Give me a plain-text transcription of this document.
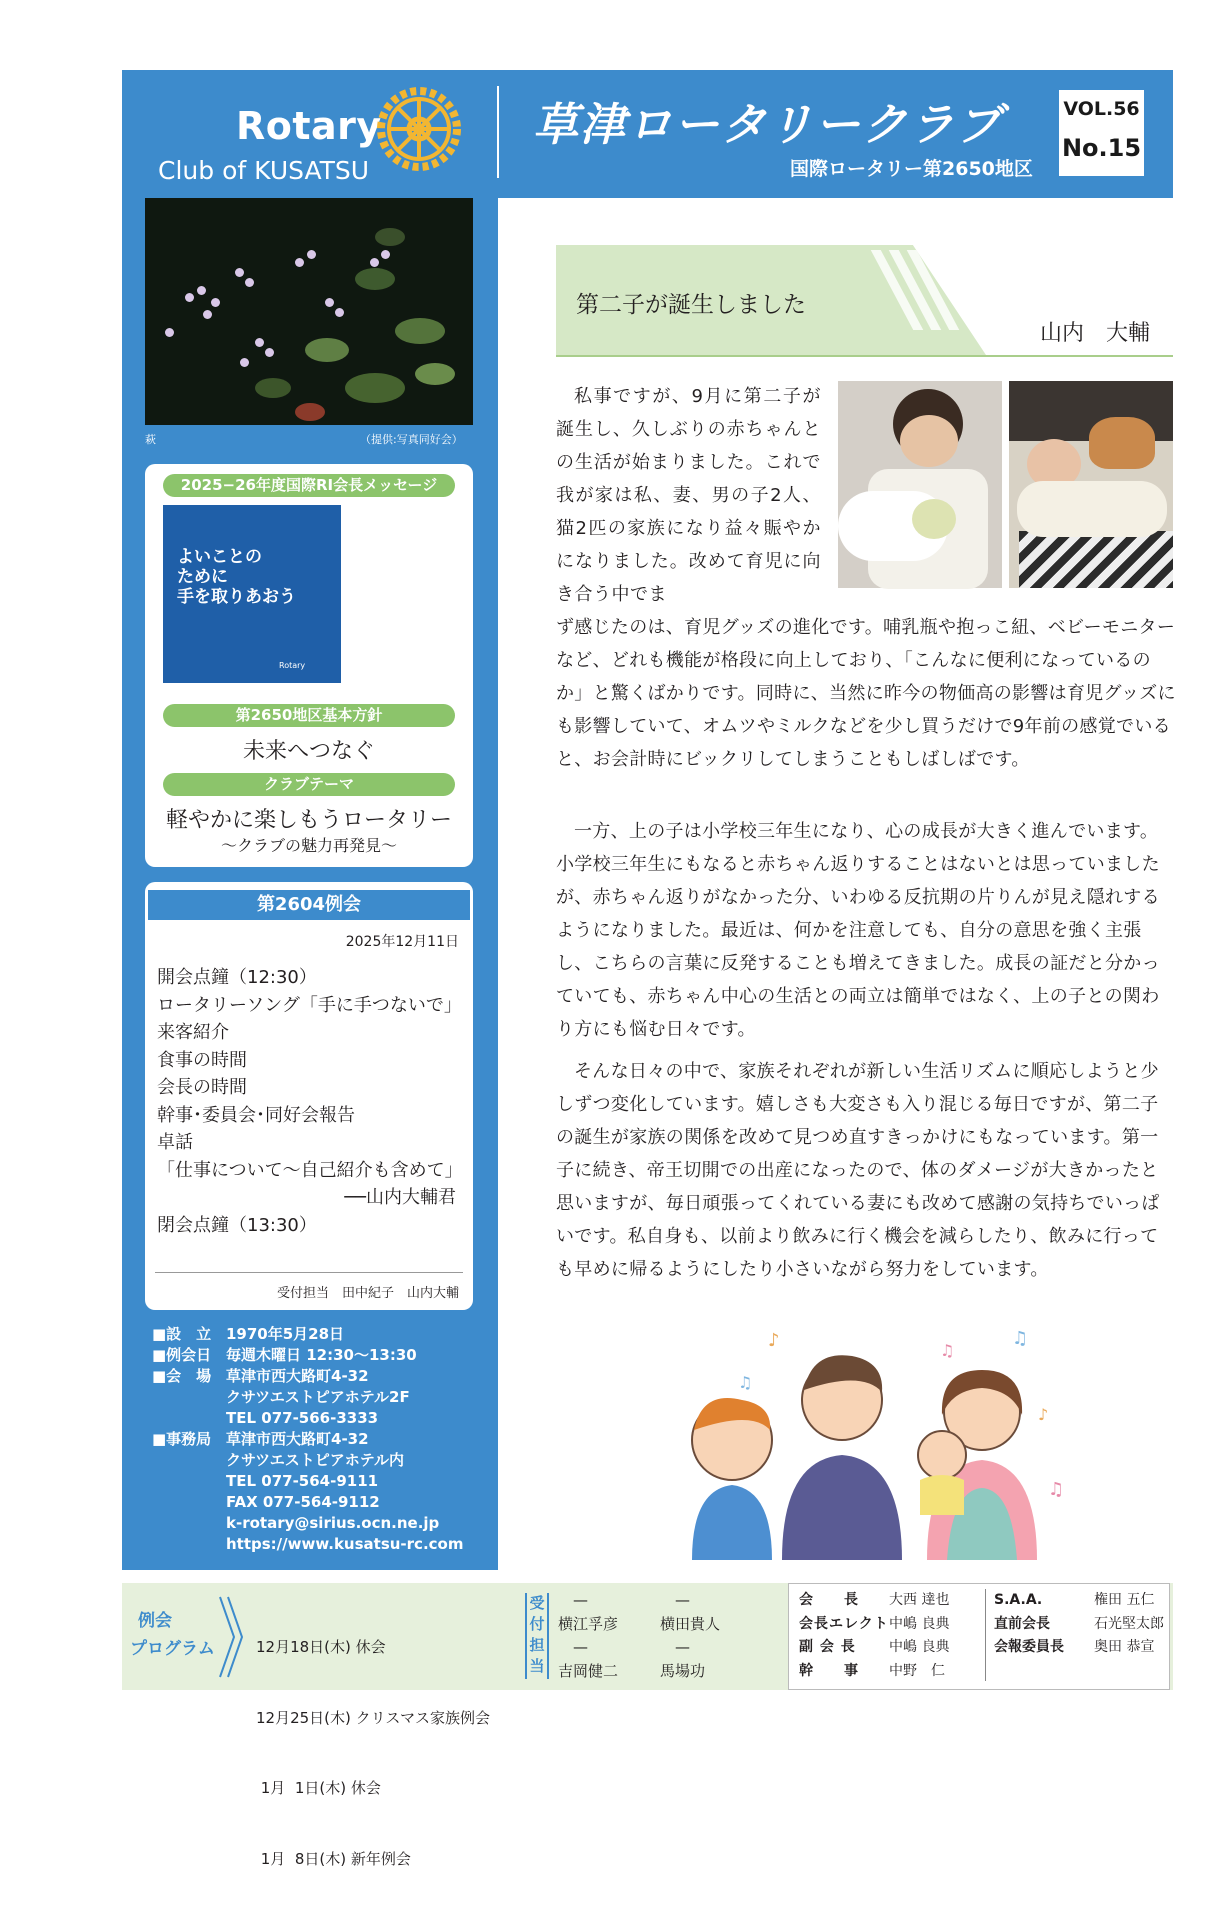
Rotary
Club of KUSATSU
草津ロータリークラブ
国際ロータリー第2650地区
VOL.56
No.15
萩	（提供:写真同好会）
2025−26年度国際RI会長メッセージ
第2650地区基本方針
未来へつなぐ
クラブテーマ
軽やかに楽しもうロータリー
〜クラブの魅力再発見〜
よいことの
ために
手を取りあおう
Rotary
第2604例会
2025年12月11日
開会点鐘（12:30）
ロータリーソング「手に手つないで」
来客紹介
食事の時間
会長の時間
幹事･委員会･同好会報告
卓話
「仕事について〜自己紹介も含めて」
──山内大輔君
閉会点鐘（13:30）
受付担当　田中紀子　山内大輔
■設　立 1970年5月28日
■例会日 毎週木曜日 12:30〜13:30
■会　場 草津市西大路町4-32
クサツエストピアホテル2F
TEL 077-566-3333
■事務局 草津市西大路町4-32
クサツエストピアホテル内
TEL 077-564-9111
FAX 077-564-9112
k-rotary@sirius.ocn.ne.jp
https://www.kusatsu-rc.com
第二子が誕生しました
山内　大輔
私事ですが、9月に第二子が誕生し、久しぶりの赤ちゃんとの生活が始まりました。これで我が家は私、妻、男の子2人、猫2匹の家族になり益々賑やかになりました。改めて育児に向き合う中でま
ず感じたのは、育児グッズの進化です。哺乳瓶や抱っこ紐、ベビーモニターなど、どれも機能が格段に向上しており、「こんなに便利になっているのか」と驚くばかりです。同時に、当然に昨今の物価高の影響は育児グッズにも影響していて、オムツやミルクなどを少し買うだけで9年前の感覚でいると、お会計時にビックリしてしまうこともしばしばです。
一方、上の子は小学校三年生になり、心の成長が大きく進んでいます。小学校三年生にもなると赤ちゃん返りすることはないとは思っていましたが、赤ちゃん返りがなかった分、いわゆる反抗期の片りんが見え隠れするようになりました。最近は、何かを注意しても、自分の意思を強く主張し、こちらの言葉に反発することも増えてきました。成長の証だと分かっていても、赤ちゃん中心の生活との両立は簡単ではなく、上の子との関わり方にも悩む日々です。
そんな日々の中で、家族それぞれが新しい生活リズムに順応しようと少しずつ変化しています。嬉しさも大変さも入り混じる毎日ですが、第二子の誕生が家族の関係を改めて見つめ直すきっかけにもなっています。第一子に続き、帝王切開での出産になったので、体のダメージが大きかったと思いますが、毎日頑張ってくれている妻にも改めて感謝の気持ちでいっぱいです。私自身も、以前より飲みに行く機会を減らしたり、飲みに行っても早めに帰るようにしたり小さいながら努力をしています。
♪	♫
♫
♫
♪
♫
例会
プログラム

	12月18日(木) 休会

12月25日(木) クリスマス家族例会

1月  1日(木) 休会

1月  8日(木) 新年例会

受付担当
　—	　—
横江孚彦	横田貴人
　—	　—
吉岡健二	馬場功
会　　長	大西 達也
会長エレクト 中嶋 良典
副 会 長	中嶋 良典
幹　　事	中野　仁
S.A.A.	権田 五仁
直前会長	石光堅太郎
会報委員長	奥田 恭宣
